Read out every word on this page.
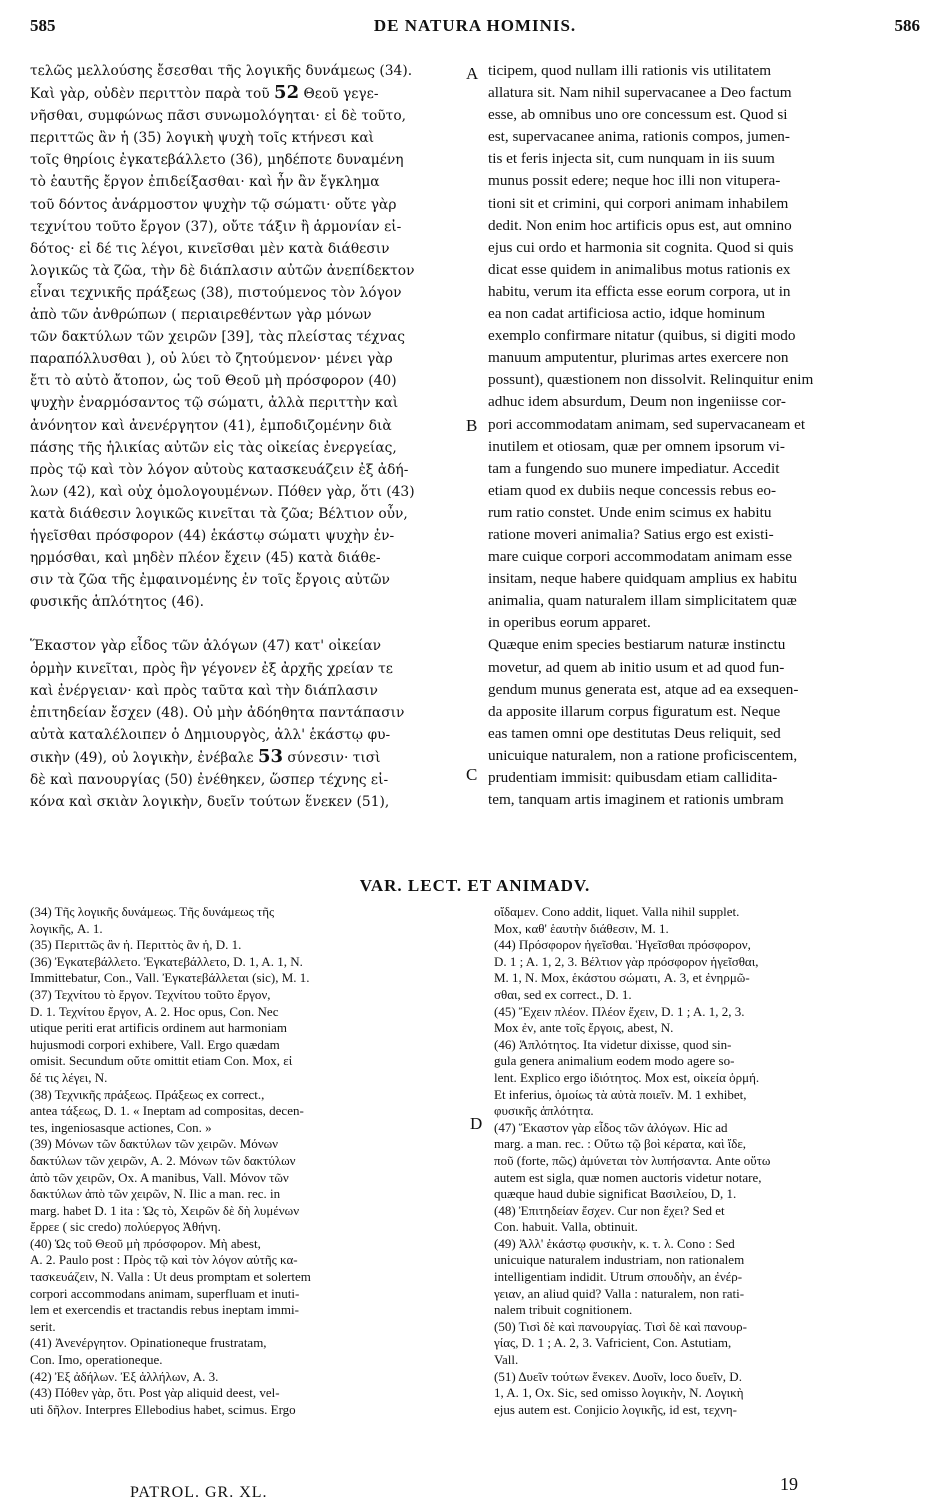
585	DE NATURA HOMINIS.	586
τελῶς μελλούσης ἔσεσθαι τῆς λογικῆς δυνάμεως (34).
Καὶ γὰρ, οὐδὲν περιττὸν παρὰ τοῦ 52 Θεοῦ γεγε-
νῆσθαι, συμφώνως πᾶσι συνωμολόγηται· εἰ δὲ τοῦτο,
περιττῶς ἂν ἡ (35) λογικὴ ψυχὴ τοῖς κτήνεσι καὶ
τοῖς θηρίοις ἐγκατεβάλλετο (36), μηδέποτε δυναμένη
τὸ ἑαυτῆς ἔργον ἐπιδείξασθαι· καὶ ἦν ἂν ἔγκλημα
τοῦ δόντος ἀνάρμοστον ψυχὴν τῷ σώματι· οὔτε γὰρ
τεχνίτου τοῦτο ἔργον (37), οὔτε τάξιν ἢ ἁρμονίαν εἰ-
δότος· εἰ δέ τις λέγοι, κινεῖσθαι μὲν κατὰ διάθεσιν
λογικῶς τὰ ζῶα, τὴν δὲ διάπλασιν αὐτῶν ἀνεπίδεκτον
εἶναι τεχνικῆς πράξεως (38), πιστούμενος τὸν λόγον
ἀπὸ τῶν ἀνθρώπων ( περιαιρεθέντων γὰρ μόνων
τῶν δακτύλων τῶν χειρῶν [39], τὰς πλείστας τέχνας
παραπόλλυσθαι ), οὐ λύει τὸ ζητούμενον· μένει γὰρ
ἔτι τὸ αὐτὸ ἄτοπον, ὡς τοῦ Θεοῦ μὴ πρόσφορον (40)
ψυχὴν ἐναρμόσαντος τῷ σώματι, ἀλλὰ περιττὴν καὶ
ἀνόνητον καὶ ἀνενέργητον (41), ἐμποδιζομένην διὰ
πάσης τῆς ἡλικίας αὐτῶν εἰς τὰς οἰκείας ἐνεργείας,
πρὸς τῷ καὶ τὸν λόγον αὐτοὺς κατασκευάζειν ἐξ ἀδή-
λων (42), καὶ οὐχ ὁμολογουμένων. Πόθεν γὰρ, ὅτι (43)
κατὰ διάθεσιν λογικῶς κινεῖται τὰ ζῶα; Βέλτιον οὖν,
ἡγεῖσθαι πρόσφορον (44) ἑκάστῳ σώματι ψυχὴν ἐν-
ηρμόσθαι, καὶ μηδὲν πλέον ἔχειν (45) κατὰ διάθε-
σιν τὰ ζῶα τῆς ἐμφαινομένης ἐν τοῖς ἔργοις αὐτῶν
φυσικῆς ἁπλότητος (46).
Ἕκαστον γὰρ εἶδος τῶν ἀλόγων (47) κατ' οἰκείαν
ὁρμὴν κινεῖται, πρὸς ἣν γέγονεν ἐξ ἀρχῆς χρείαν τε
καὶ ἐνέργειαν· καὶ πρὸς ταῦτα καὶ τὴν διάπλασιν
ἐπιτηδείαν ἔσχεν (48). Οὐ μὴν ἀδόηθητα παντάπασιν
αὐτὰ καταλέλοιπεν ὁ Δημιουργὸς, ἀλλ' ἑκάστῳ φυ-
σικὴν (49), οὐ λογικὴν, ἐνέβαλε 53 σύνεσιν· τισὶ
δὲ καὶ πανουργίας (50) ἐνέθηκεν, ὥσπερ τέχνης εἰ-
κόνα καὶ σκιὰν λογικὴν, δυεῖν τούτων ἕνεκεν (51),
ticipem, quod nullam illi rationis vis utilitatem
allatura sit. Nam nihil supervacanee a Deo factum
esse, ab omnibus uno ore concessum est. Quod si
est, supervacanee anima, rationis compos, jumen-
tis et feris injecta sit, cum nunquam in iis suum
munus possit edere; neque hoc illi non vitupera-
tioni sit et crimini, qui corpori animam inhabilem
dedit. Non enim hoc artificis opus est, aut omnino
ejus cui ordo et harmonia sit cognita. Quod si quis
dicat esse quidem in animalibus motus rationis ex
habitu, verum ita effictа esse eorum corpora, ut in
ea non cadat artificiosa actio, idque hominum
exemplo confirmare nitatur (quibus, si digiti modo
manuum amputentur, plurimas artes exercere non
possunt), quæstionem non dissolvit. Relinquitur enim
adhuc idem absurdum, Deum non ingeniisse cor-
pori accommodatam animam, sed supervacaneam et
inutilem et otiosam, quæ per omnem ipsorum vi-
tam a fungendo suo munere impediatur. Accedit
etiam quod ex dubiis neque concessis rebus eo-
rum ratio constet. Unde enim scimus ex habitu
ratione moveri animalia? Satius ergo est existi-
mare cuique corpori accommodatam animam esse
insitam, neque habere quidquam amplius ex habitu
animalia, quam naturalem illam simplicitatem quæ
in operibus eorum apparet.
Quæque enim species bestiarum naturæ instinctu
movetur, ad quem ab initio usum et ad quod fun-
gendum munus generata est, atque ad ea exsequen-
da apposite illarum corpus figuratum est. Neque
eas tamen omni ope destitutas Deus reliquit, sed
unicuique naturalem, non a ratione proficiscentem,
prudentiam immisit: quibusdam etiam callidita-
tem, tanquam artis imaginem et rationis umbram
A
B
C
D
VAR. LECT. ET ANIMADV.
(34) Τῆς λογικῆς δυνάμεως. Τῆς δυνάμεως τῆς
λογικῆς, A. 1.
(35) Περιττῶς ἂν ἡ. Περιττὸς ἂν ἡ, D. 1.
(36) Ἐγκατεβάλλετο. Ἐγκατεβάλλετο, D. 1, A. 1, N.
Immittebatur, Con., Vall. Ἐγκατεβάλλεται (sic), M. 1.
(37) Τεχνίτου τὸ ἔργον. Τεχνίτου τοῦτο ἔργον,
D. 1. Τεχνίτου ἔργον, A. 2. Hoc opus, Con. Nec
utique periti erat artificis ordinem aut harmoniam
hujusmodi corpori exhibere, Vall. Ergo quædam
omisit. Secundum οὔτε omittit etiam Con. Mox, εἰ
δέ τις λέγει, N.
(38) Τεχνικῆς πράξεως. Πράξεως ex correct.,
antea τάξεως, D. 1. « Ineptam ad compositas, decen-
tes, ingeniosasque actiones, Con. »
(39) Μόνων τῶν δακτύλων τῶν χειρῶν. Μόνων
δακτύλων τῶν χειρῶν, A. 2. Μόνων τῶν δακτύλων
ἀπὸ τῶν χειρῶν, Ox. A manibus, Vall. Μόνον τῶν
δακτύλων ἀπὸ τῶν χειρῶν, N. Ilic a man. rec. in
marg. habet D. 1 ita : Ὡς τὸ, Χειρῶν δὲ δὴ λυμένων
ἔρρεε ( sic credo) πολύεργος Ἀθήνη.
(40) Ὡς τοῦ Θεοῦ μὴ πρόσφορον. Μὴ abest,
A. 2. Paulo post : Πρὸς τῷ καὶ τὸν λόγον αὐτῆς κα-
τασκευάζειν, N. Valla : Ut deus promptam et solertem
corpori accommodans animam, superfluam et inuti-
lem et exercendis et tractandis rebus ineptam immi-
serit.
(41) Ἀνενέργητον. Opinationeque frustratam,
Con. Imo, operationeque.
(42) Ἐξ ἀδήλων. Ἐξ ἀλλήλων, A. 3.
(43) Πόθεν γὰρ, ὅτι. Post γὰρ aliquid deest, vel-
uti δῆλον. Interpres Ellebodius habet, scimus. Ergo
οἴδαμεν. Cono addit, liquet. Valla nihil supplet.
Mox, καθ' ἑαυτὴν διάθεσιν, M. 1.
(44) Πρόσφορον ἡγεῖσθαι. Ἡγεῖσθαι πρόσφορον,
D. 1 ; A. 1, 2, 3. Βέλτιον γὰρ πρόσφορον ἡγεῖσθαι,
M. 1, N. Mox, ἑκάστου σώματι, A. 3, et ἐνηρμῶ-
σθαι, sed ex correct., D. 1.
(45) Ἔχειν πλέον. Πλέον ἔχειν, D. 1 ; A. 1, 2, 3.
Mox ἐν, ante τοῖς ἔργοις, abest, N.
(46) Ἁπλότητος. Ita videtur dixisse, quod sin-
gula genera animalium eodem modo agere so-
lent. Explico ergo ἰδιότητος. Mox est, οἰκεία ὁρμή.
Et inferius, ὁμοίως τὰ αὐτὰ ποιεῖν. M. 1 exhibet,
φυσικῆς ἁπλότητα.
(47) Ἕκαστον γὰρ εἶδος τῶν ἀλόγων. Hic ad
marg. a man. rec. : Οὕτω τῷ βοὶ κέρατα, καὶ ἴδε,
ποῦ (forte, πῶς) ἀμύνεται τὸν λυπήσαντα. Ante οὕτω
autem est sigla, quæ nomen auctoris videtur notare,
quæque haud dubie significat Βασιλείου, D, 1.
(48) Ἐπιτηδείαν ἔσχεν. Cur non ἔχει? Sed et
Con. habuit. Valla, obtinuit.
(49) Ἀλλ' ἑκάστῳ φυσικὴν, κ. τ. λ. Cono : Sed
unicuique naturalem industriam, non rationalem
intelligentiam indidit. Utrum σπουδὴν, an ἐνέρ-
γειαν, an aliud quid? Valla : naturalem, non rati-
nalem tribuit cognitionem.
(50) Τισὶ δὲ καὶ πανουργίας. Τισὶ δὲ καὶ πανουρ-
γίας, D. 1 ; A. 2, 3. Vafricient, Con. Astutiam,
Vall.
(51) Δυεῖν τούτων ἕνεκεν. Δυοῖν, loco δυεῖν, D.
1, A. 1, Ox. Sic, sed omisso λογικὴν, N. Λογικὴ
ejus autem est. Conjicio λογικῆς, id est, τεχνη-
PATROL. GR. XL.	19
